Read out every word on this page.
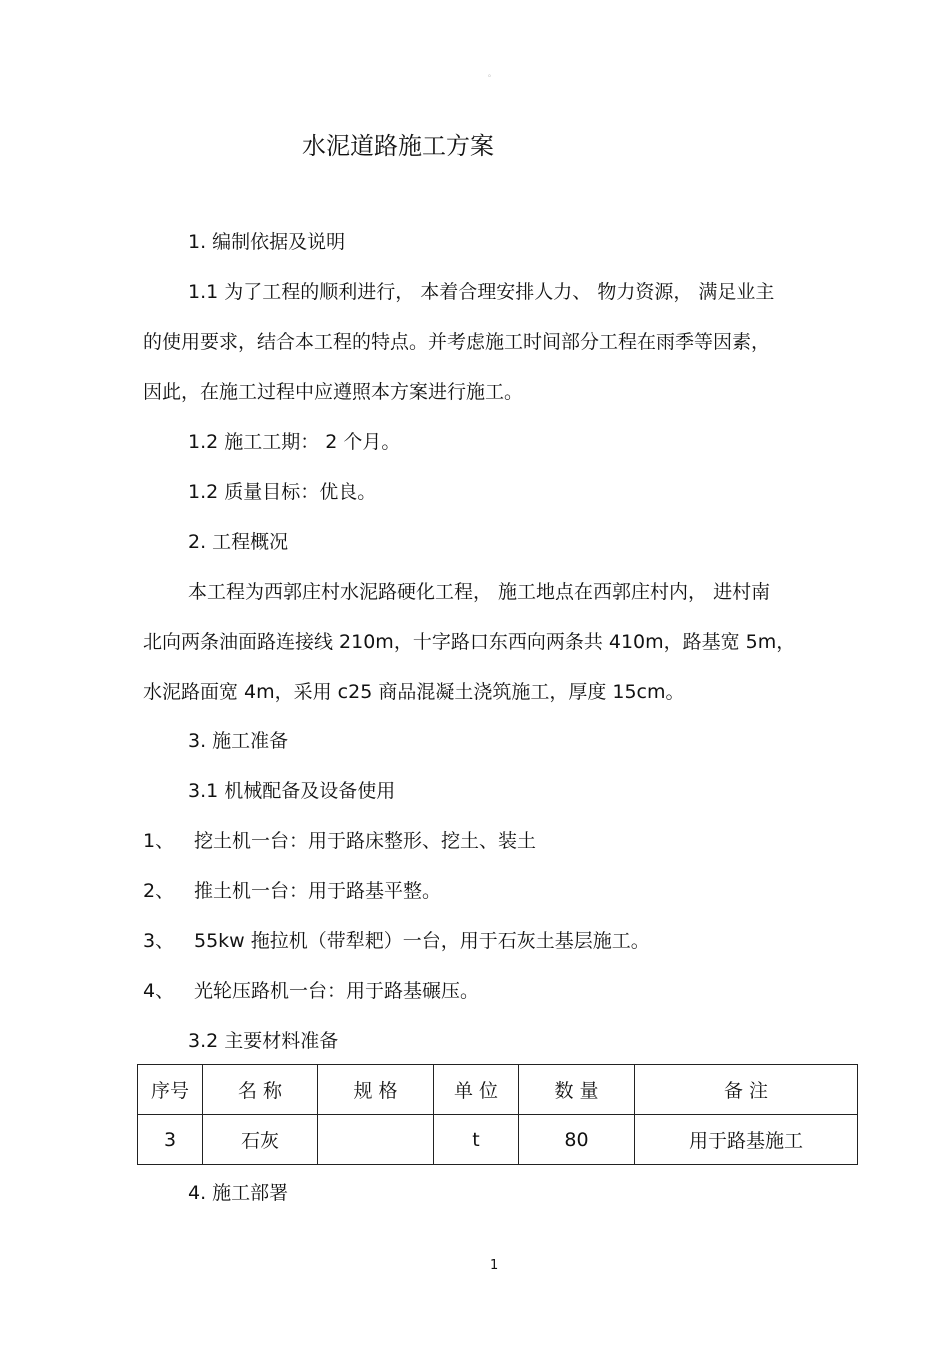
。
水泥道路施工方案
1. 编制依据及说明
1.1 为了工程的顺利进行， 本着合理安排人力、 物力资源， 满足业主
的使用要求，结合本工程的特点。并考虑施工时间部分工程在雨季等因素，
因此，在施工过程中应遵照本方案进行施工。
1.2 施工工期： 2 个月。
1.2 质量目标：优良。
2. 工程概况
本工程为西郭庄村水泥路硬化工程， 施工地点在西郭庄村内， 进村南
北向两条油面路连接线 210m，十字路口东西向两条共 410m，路基宽 5m，
水泥路面宽 4m，采用 c25 商品混凝土浇筑施工，厚度 15cm。
3. 施工准备
3.1 机械配备及设备使用
1、 挖土机一台：用于路床整形、挖土、装土
2、 推土机一台：用于路基平整。
3、 55kw 拖拉机（带犁耙）一台，用于石灰土基层施工。
4、 光轮压路机一台：用于路基碾压。
3.2 主要材料准备
序号	名 称	规 格	单 位	数 量	备 注
3	石灰		t	80	用于路基施工
4. 施工部署
1
